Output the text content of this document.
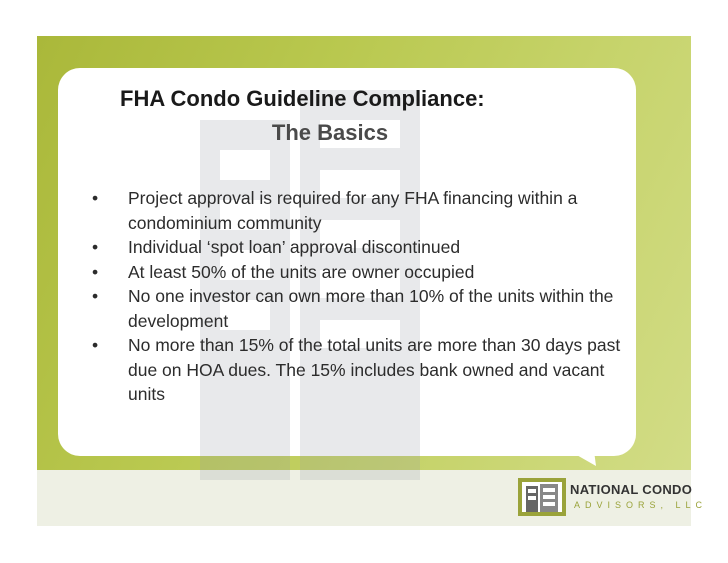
FHA Condo Guideline Compliance:
The Basics
•	Project approval is required for any FHA financing within a condominium community
•	Individual ‘spot loan’ approval discontinued
•	At least 50% of the units are owner occupied
•	No one investor can own more than 10% of the units within the development
•	No more than 15% of the total units are more than 30 days past due on HOA dues. The 15% includes bank owned and vacant units
NATIONAL CONDO
ADVISORS, LLC
